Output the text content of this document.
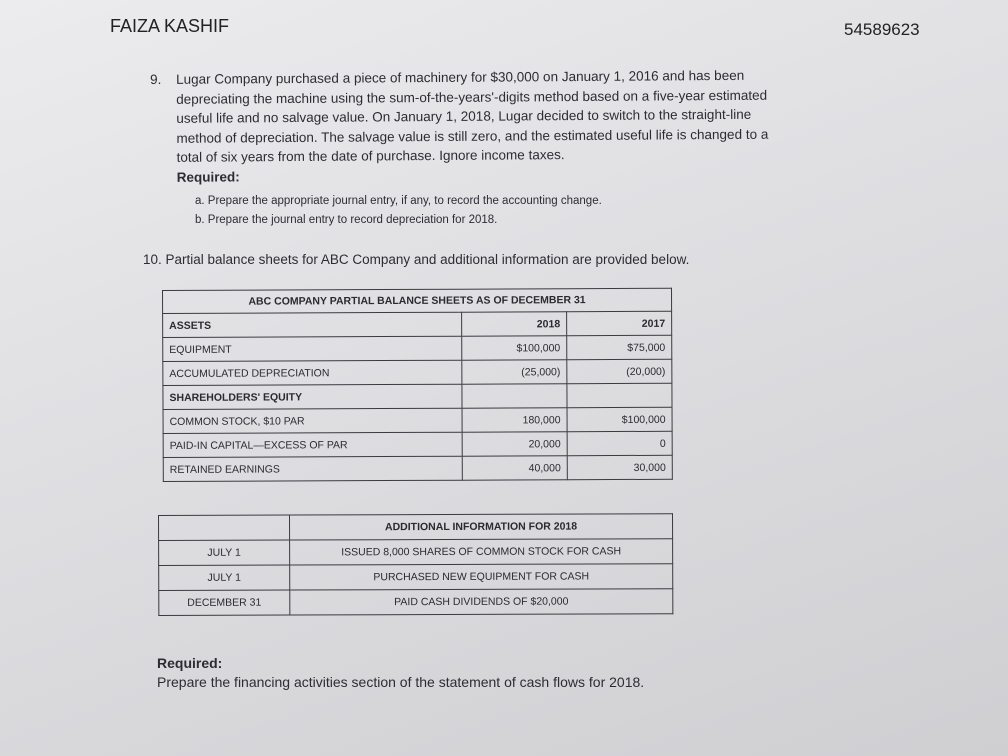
FAIZA KASHIF	54589623
9. Lugar Company purchased a piece of machinery for $30,000 on January 1, 2016 and has been
depreciating the machine using the sum-of-the-years'-digits method based on a five-year estimated
useful life and no salvage value. On January 1, 2018, Lugar decided to switch to the straight-line
method of depreciation. The salvage value is still zero, and the estimated useful life is changed to a
total of six years from the date of purchase. Ignore income taxes.
Required:
a. Prepare the appropriate journal entry, if any, to record the accounting change.
b. Prepare the journal entry to record depreciation for 2018.
10. Partial balance sheets for ABC Company and additional information are provided below.
ABC COMPANY PARTIAL BALANCE SHEETS AS OF DECEMBER 31		
ASSETS	2018	2017
EQUIPMENT	$100,000	$75,000
ACCUMULATED DEPRECIATION	(25,000)	(20,000)
SHAREHOLDERS' EQUITY		
COMMON STOCK, $10 PAR	180,000	$100,000
PAID-IN CAPITAL—EXCESS OF PAR	20,000	0
RETAINED EARNINGS	40,000	30,000
	ADDITIONAL INFORMATION FOR 2018
JULY 1	ISSUED 8,000 SHARES OF COMMON STOCK FOR CASH
JULY 1	PURCHASED NEW EQUIPMENT FOR CASH
DECEMBER 31	PAID CASH DIVIDENDS OF $20,000
Required:
Prepare the financing activities section of the statement of cash flows for 2018.
